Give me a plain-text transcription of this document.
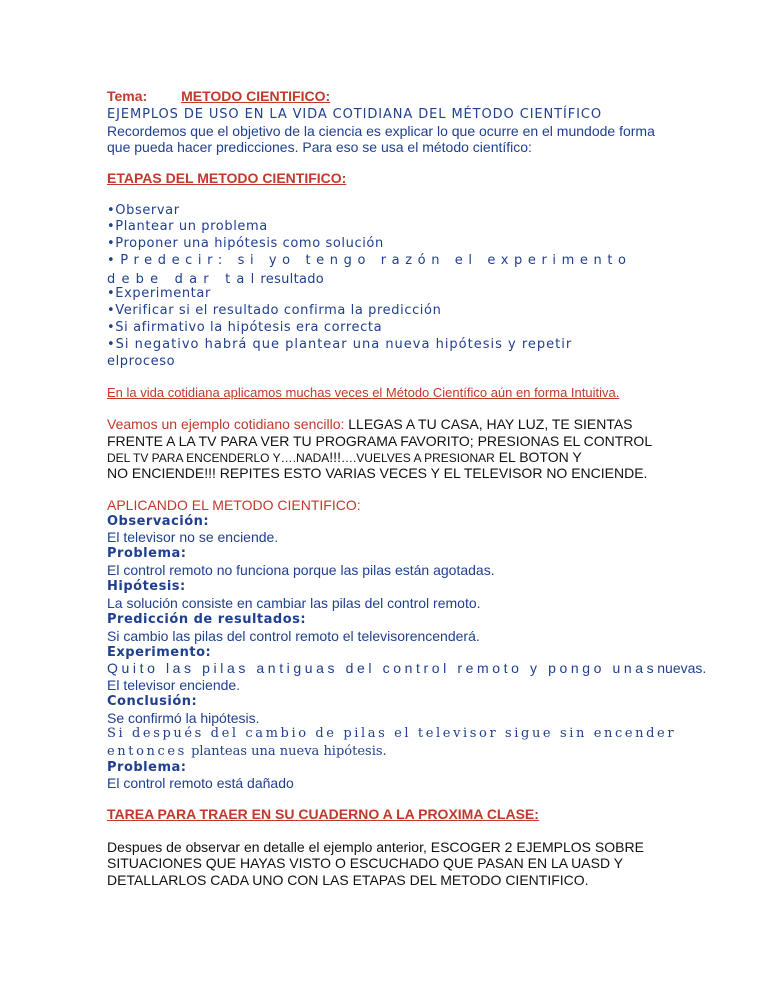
Tema: METODO CIENTIFICO:
EJEMPLOS DE USO EN LA VIDA COTIDIANA DEL MÉTODO CIENTÍFICO
Recordemos que el objetivo de la ciencia es explicar lo que ocurre en el mundode forma
que pueda hacer predicciones. Para eso se usa el método científico:
ETAPAS DEL METODO CIENTIFICO:
•Observar
•Plantear un problema
•Proponer una hipótesis como solución
•Predecir: si yo tengo razón el experimento
debe dar talresultado
•Experimentar
•Verificar si el resultado confirma la predicción
•Si afirmativo la hipótesis era correcta
•Si negativo habrá que plantear una nueva hipótesis y repetir
elproceso
En la vida cotidiana aplicamos muchas veces el Método Científico aún en forma Intuitiva.
Veamos un ejemplo cotidiano sencillo: LLEGAS A TU CASA, HAY LUZ, TE SIENTAS
FRENTE A LA TV PARA VER TU PROGRAMA FAVORITO; PRESIONAS EL CONTROL
DEL TV PARA ENCENDERLO Y….NADA!!!….VUELVES A PRESIONAR EL BOTON Y
NO ENCIENDE!!! REPITES ESTO VARIAS VECES Y EL TELEVISOR NO ENCIENDE.
APLICANDO EL METODO CIENTIFICO:
Observación:
El televisor no se enciende.
Problema:
El control remoto no funciona porque las pilas están agotadas.
Hipótesis:
La solución consiste en cambiar las pilas del control remoto.
Predicción de resultados:
Si cambio las pilas del control remoto el televisorencenderá.
Experimento:
Quito las pilas antiguas del control remoto y pongo unasnuevas.
El televisor enciende.
Conclusión:
Se confirmó la hipótesis.
Si después del cambio de pilas el televisor sigue sin encender
entonces planteas una nueva hipótesis.
Problema:
El control remoto está dañado
TAREA PARA TRAER EN SU CUADERNO A LA PROXIMA CLASE:
Despues de observar en detalle el ejemplo anterior, ESCOGER 2 EJEMPLOS SOBRE
SITUACIONES QUE HAYAS VISTO O ESCUCHADO QUE PASAN EN LA UASD Y
DETALLARLOS CADA UNO CON LAS ETAPAS DEL METODO CIENTIFICO.
